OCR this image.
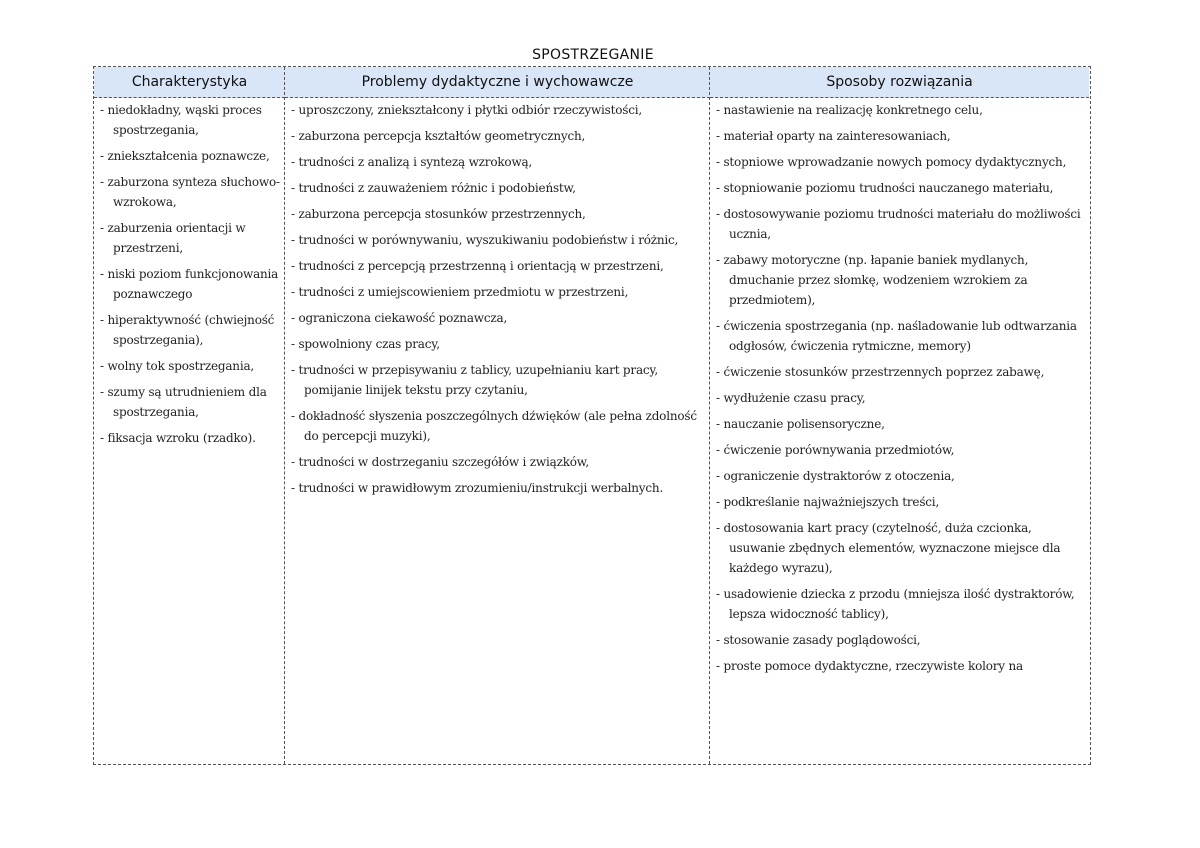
SPOSTRZEGANIE
Charakterystyka	Problemy dydaktyczne i wychowawcze	Sposoby rozwiązania
- niedokładny, wąski proces spostrzegania,
- zniekształcenia poznawcze,
- zaburzona synteza słuchowo-wzrokowa,
- zaburzenia orientacji w przestrzeni,
- niski poziom funkcjonowania poznawczego
- hiperaktywność (chwiejność spostrzegania),
- wolny tok spostrzegania,
- szumy są utrudnieniem dla spostrzegania,
- fiksacja wzroku (rzadko).
- uproszczony, zniekształcony i płytki odbiór rzeczywistości,
- zaburzona percepcja kształtów geometrycznych,
- trudności z analizą i syntezą wzrokową,
- trudności z zauważeniem różnic i podobieństw,
- zaburzona percepcja stosunków przestrzennych,
- trudności w porównywaniu, wyszukiwaniu podobieństw i różnic,
- trudności z percepcją przestrzenną i orientacją w przestrzeni,
- trudności z umiejscowieniem przedmiotu w przestrzeni,
- ograniczona ciekawość poznawcza,
- spowolniony czas pracy,
- trudności w przepisywaniu z tablicy, uzupełnianiu kart pracy, pomijanie linijek tekstu przy czytaniu,
- dokładność słyszenia poszczególnych dźwięków (ale pełna zdolność do percepcji muzyki),
- trudności w dostrzeganiu szczegółów i związków,
- trudności w prawidłowym zrozumieniu/instrukcji werbalnych.
- nastawienie na realizację konkretnego celu,
- materiał oparty na zainteresowaniach,
- stopniowe wprowadzanie nowych pomocy dydaktycznych,
- stopniowanie poziomu trudności nauczanego materiału,
- dostosowywanie poziomu trudności materiału do możliwości ucznia,
- zabawy motoryczne (np. łapanie baniek mydlanych, dmuchanie przez słomkę, wodzeniem wzrokiem za przedmiotem),
- ćwiczenia spostrzegania (np. naśladowanie lub odtwarzania odgłosów, ćwiczenia rytmiczne, memory)
- ćwiczenie stosunków przestrzennych poprzez zabawę,
- wydłużenie czasu pracy,
- nauczanie polisensoryczne,
- ćwiczenie porównywania przedmiotów,
- ograniczenie dystraktorów z otoczenia,
- podkreślanie najważniejszych treści,
- dostosowania kart pracy (czytelność, duża czcionka, usuwanie zbędnych elementów, wyznaczone miejsce dla każdego wyrazu),
- usadowienie dziecka z przodu (mniejsza ilość dystraktorów, lepsza widoczność tablicy),
- stosowanie zasady poglądowości,
- proste pomoce dydaktyczne, rzeczywiste kolory na
